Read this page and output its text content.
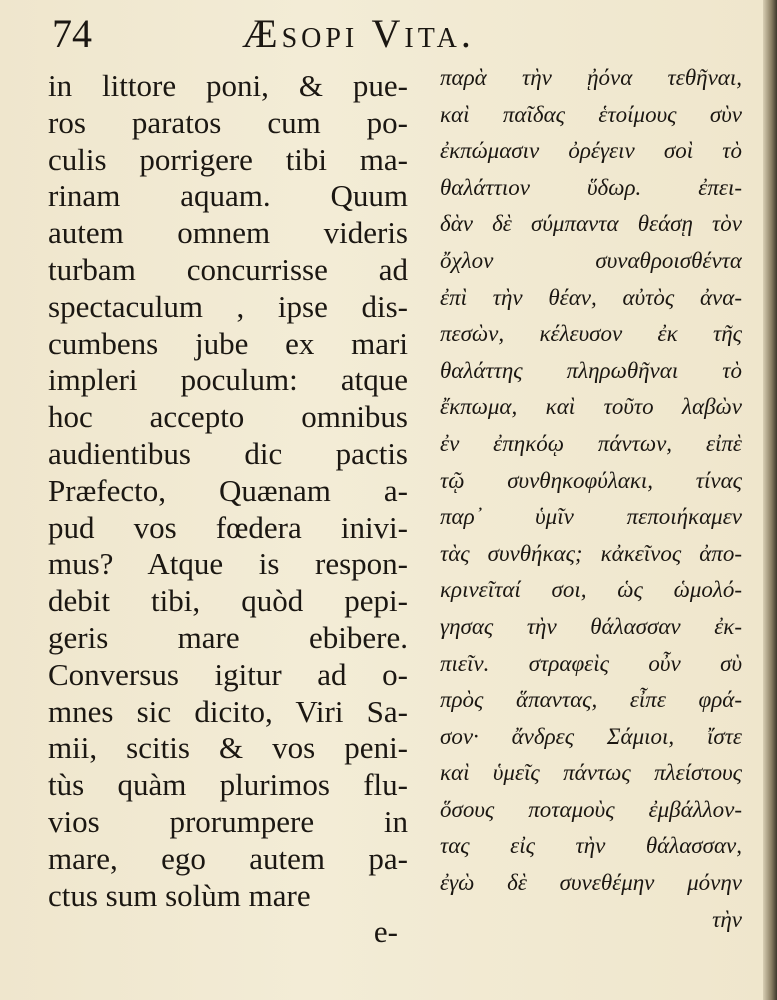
74	Æsopi Vita.
in littore poni, & pue-
ros paratos cum po-
culis porrigere tibi ma-
rinam aquam. Quum
autem omnem videris
turbam concurrisse ad
spectaculum , ipse dis-
cumbens jube ex mari
impleri poculum: atque
hoc accepto omnibus
audientibus dic pactis
Præfecto, Quænam a-
pud vos fœdera inivi-
mus? Atque is respon-
debit tibi, quòd pepi-
geris mare ebibere.
Conversus igitur ad o-
mnes sic dicito, Viri Sa-
mii, scitis & vos peni-
tùs quàm plurimos flu-
vios prorumpere in
mare, ego autem pa-
ctus sum solùm mare
e-
παρὰ τὴν ᾐόνα τεθῆναι,
καὶ παῖδας ἑτοίμους σὺν
ἐκπώμασιν ὀρέγειν σοὶ τὸ
θαλάττιον ὕδωρ. ἐπει-
δὰν δὲ σύμπαντα θεάσῃ τὸν
ὄχλον συναθροισθέντα
ἐπὶ τὴν θέαν, αὐτὸς ἀνα-
πεσὼν, κέλευσον ἐκ τῆς
θαλάττης πληρωθῆναι τὸ
ἔκπωμα, καὶ τοῦτο λαβὼν
ἐν ἐπηκόῳ πάντων, εἰπὲ
τῷ συνθηκοφύλακι, τίνας
παρ᾽ ὑμῖν πεποιήκαμεν
τὰς συνθήκας; κἀκεῖνος ἀπο-
κρινεῖταί σοι, ὡς ὡμολό-
γησας τὴν θάλασσαν ἐκ-
πιεῖν. στραφεὶς οὖν σὺ
πρὸς ἅπαντας, εἶπε φρά-
σον· ἄνδρες Σάμιοι, ἴστε
καὶ ὑμεῖς πάντως πλείστους
ὅσους ποταμοὺς ἐμβάλλον-
τας εἰς τὴν θάλασσαν,
ἐγὼ δὲ συνεθέμην μόνην
τὴν
